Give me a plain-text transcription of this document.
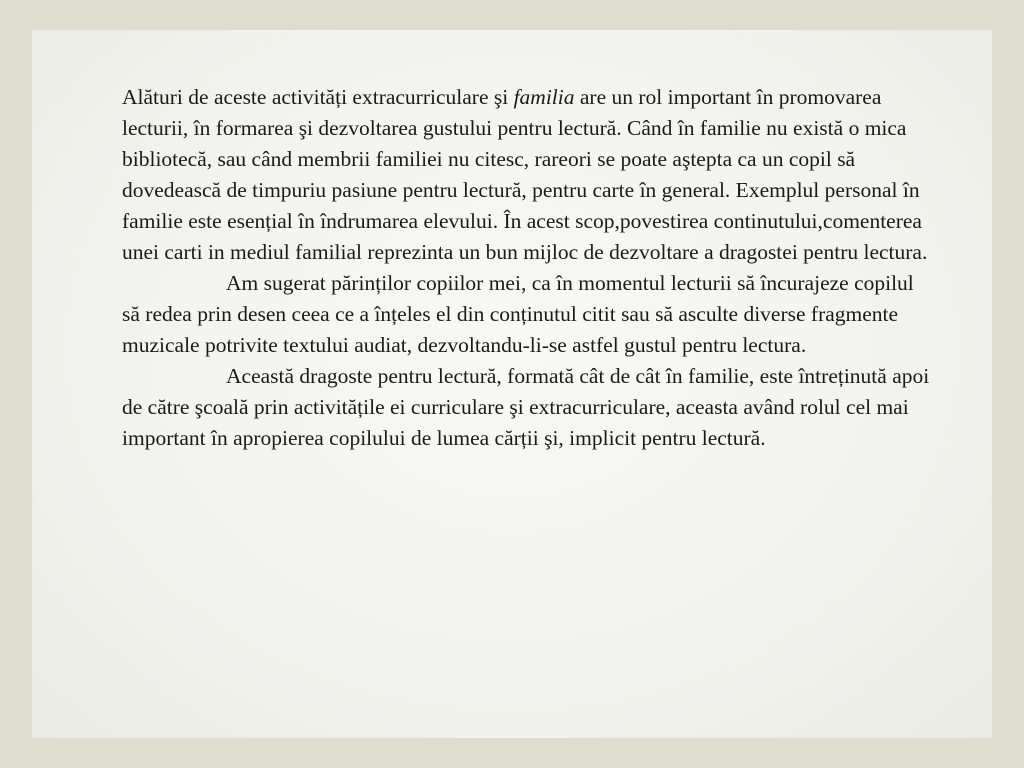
Alături de aceste activități extracurriculare şi familia are un rol important în promovarea lecturii, în formarea şi dezvoltarea gustului pentru lectură. Când în familie nu există o mica bibliotecă, sau când membrii familiei nu citesc, rareori se poate aştepta ca un copil să dovedească de timpuriu pasiune pentru lectură, pentru carte în general. Exemplul personal în familie este esențial în îndrumarea elevului. În acest scop,povestirea continutului,comenterea unei carti in mediul familial reprezinta un bun mijloc de dezvoltare a dragostei pentru lectura.

Am sugerat părinților copiilor mei, ca în momentul lecturii să încurajeze copilul să redea prin desen ceea ce a înțeles el din conținutul citit sau să asculte diverse fragmente muzicale potrivite textului audiat, dezvoltandu-li-se astfel gustul pentru lectura.

Această dragoste pentru lectură, formată cât de cât în familie, este întreținută apoi de către şcoală prin activitățile ei curriculare şi extracurriculare, aceasta având rolul cel mai important în apropierea copilului de lumea cărții şi, implicit pentru lectură.
